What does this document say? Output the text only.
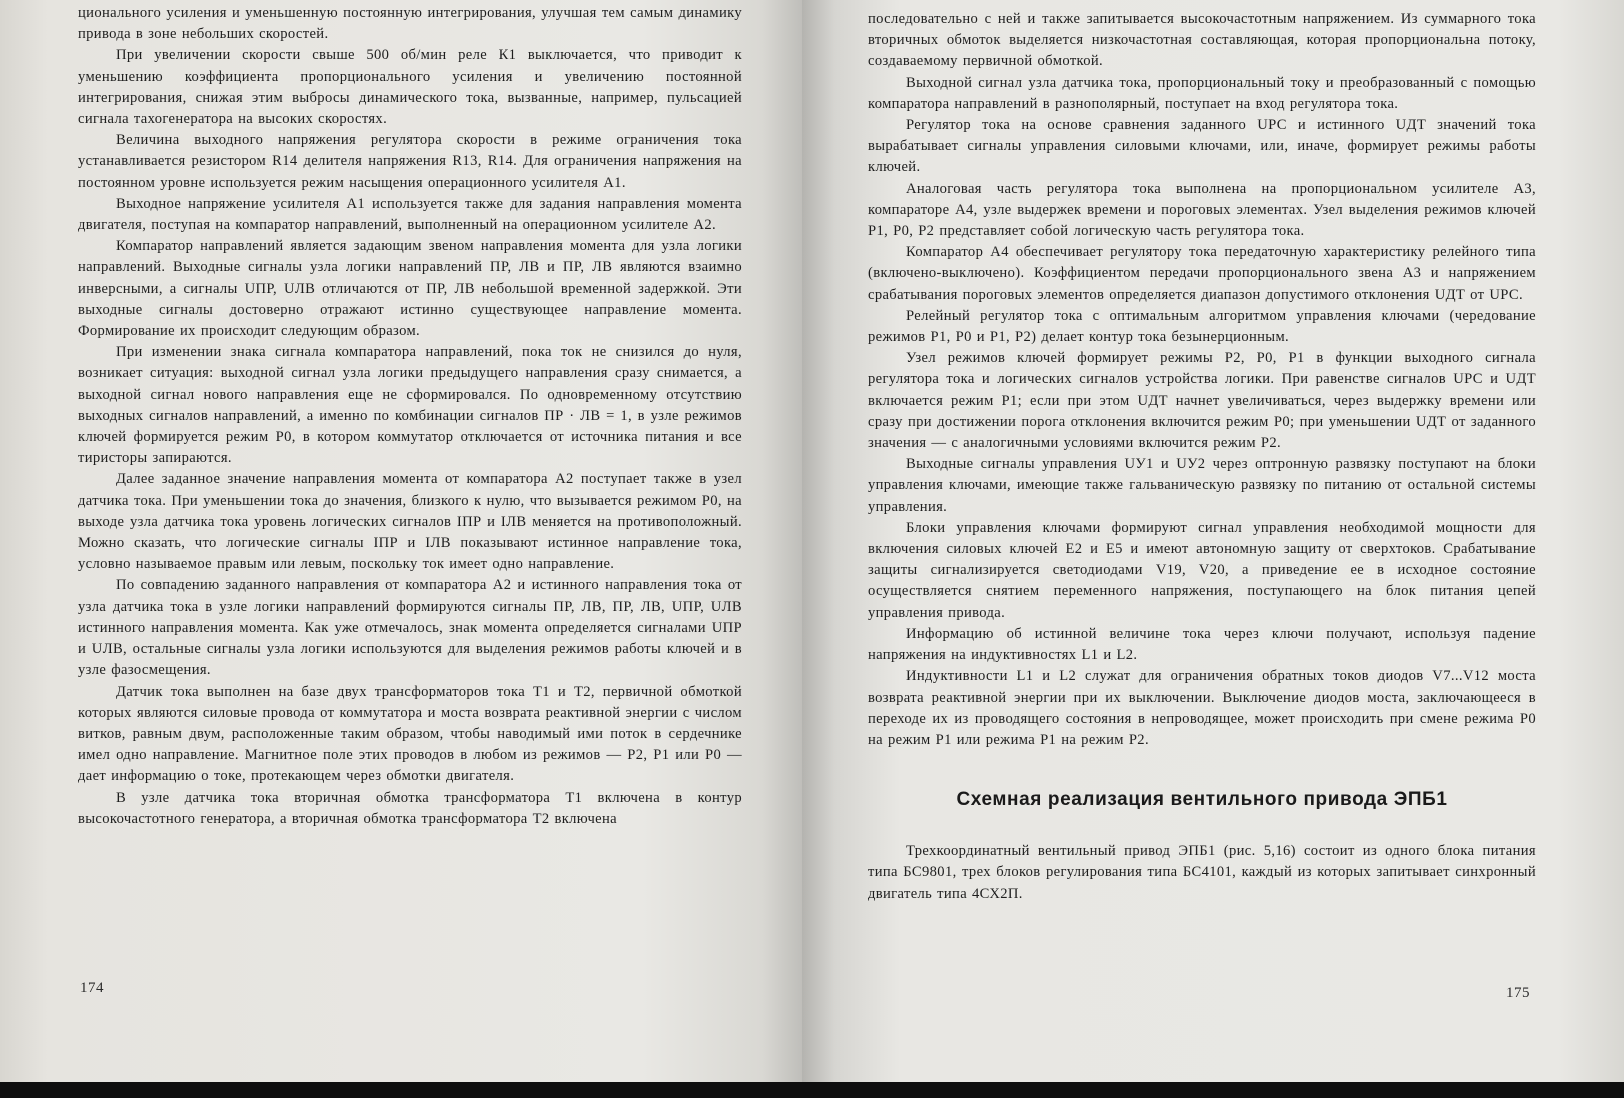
ционального усиления и уменьшенную постоянную интегрирования, улучшая тем самым динамику привода в зоне небольших скоростей.

При увеличении скорости свыше 500 об/мин реле К1 выключается, что приводит к уменьшению коэффициента пропорционального усиления и увеличению постоянной интегрирования, снижая этим выбросы динамического тока, вызванные, например, пульсацией сигнала тахогенератора на высоких скоростях.

Величина выходного напряжения регулятора скорости в режиме ограничения тока устанавливается резистором R14 делителя напряжения R13, R14. Для ограничения напряжения на постоянном уровне используется режим насыщения операционного усилителя А1.

Выходное напряжение усилителя А1 используется также для задания направления момента двигателя, поступая на компаратор направлений, выполненный на операционном усилителе А2.

Компаратор направлений является задающим звеном направления момента для узла логики направлений. Выходные сигналы узла логики направлений ПР, ЛВ и ПР, ЛВ являются взаимно инверсными, а сигналы UПР, UЛВ отличаются от ПР, ЛВ небольшой временной задержкой. Эти выходные сигналы достоверно отражают истинно существующее направление момента. Формирование их происходит следующим образом.

При изменении знака сигнала компаратора направлений, пока ток не снизился до нуля, возникает ситуация: выходной сигнал узла логики предыдущего направления сразу снимается, а выходной сигнал нового направления еще не сформировался. По одновременному отсутствию выходных сигналов направлений, а именно по комбинации сигналов ПР · ЛВ = 1, в узле режимов ключей формируется режим Р0, в котором коммутатор отключается от источника питания и все тиристоры запираются.

Далее заданное значение направления момента от компаратора А2 поступает также в узел датчика тока. При уменьшении тока до значения, близкого к нулю, что вызывается режимом Р0, на выходе узла датчика тока уровень логических сигналов IПР и IЛВ меняется на противоположный. Можно сказать, что логические сигналы IПР и IЛВ показывают истинное направление тока, условно называемое правым или левым, поскольку ток имеет одно направление.

По совпадению заданного направления от компаратора А2 и истинного направления тока от узла датчика тока в узле логики направлений формируются сигналы ПР, ЛВ, ПР, ЛВ, UПР, UЛВ истинного направления момента. Как уже отмечалось, знак момента определяется сигналами UПР и UЛВ, остальные сигналы узла логики используются для выделения режимов работы ключей и в узле фазосмещения.

Датчик тока выполнен на базе двух трансформаторов тока Т1 и Т2, первичной обмоткой которых являются силовые провода от коммутатора и моста возврата реактивной энергии с числом витков, равным двум, расположенные таким образом, чтобы наводимый ими поток в сердечнике имел одно направление. Магнитное поле этих проводов в любом из режимов — Р2, Р1 или Р0 — дает информацию о токе, протекающем через обмотки двигателя.

В узле датчика тока вторичная обмотка трансформатора Т1 включена в контур высокочастотного генератора, а вторичная обмотка трансформатора Т2 включена

174

последовательно с ней и также запитывается высокочастотным напряжением. Из суммарного тока вторичных обмоток выделяется низкочастотная составляющая, которая пропорциональна потоку, создаваемому первичной обмоткой.

Выходной сигнал узла датчика тока, пропорциональный току и преобразованный с помощью компаратора направлений в разнополярный, поступает на вход регулятора тока.

Регулятор тока на основе сравнения заданного UРС и истинного UДТ значений тока вырабатывает сигналы управления силовыми ключами, или, иначе, формирует режимы работы ключей.

Аналоговая часть регулятора тока выполнена на пропорциональном усилителе А3, компараторе А4, узле выдержек времени и пороговых элементах. Узел выделения режимов ключей Р1, Р0, Р2 представляет собой логическую часть регулятора тока.

Компаратор А4 обеспечивает регулятору тока передаточную характеристику релейного типа (включено-выключено). Коэффициентом передачи пропорционального звена А3 и напряжением срабатывания пороговых элементов определяется диапазон допустимого отклонения UДТ от UРС.

Релейный регулятор тока с оптимальным алгоритмом управления ключами (чередование режимов Р1, Р0 и Р1, Р2) делает контур тока безынерционным.

Узел режимов ключей формирует режимы Р2, Р0, Р1 в функции выходного сигнала регулятора тока и логических сигналов устройства логики. При равенстве сигналов UРС и UДТ включается режим Р1; если при этом UДТ начнет увеличиваться, через выдержку времени или сразу при достижении порога отклонения включится режим Р0; при уменьшении UДТ от заданного значения — с аналогичными условиями включится режим Р2.

Выходные сигналы управления UУ1 и UУ2 через оптронную развязку поступают на блоки управления ключами, имеющие также гальваническую развязку по питанию от остальной системы управления.

Блоки управления ключами формируют сигнал управления необходимой мощности для включения силовых ключей Е2 и Е5 и имеют автономную защиту от сверхтоков. Срабатывание защиты сигнализируется светодиодами V19, V20, а приведение ее в исходное состояние осуществляется снятием переменного напряжения, поступающего на блок питания цепей управления привода.

Информацию об истинной величине тока через ключи получают, используя падение напряжения на индуктивностях L1 и L2.

Индуктивности L1 и L2 служат для ограничения обратных токов диодов V7...V12 моста возврата реактивной энергии при их выключении. Выключение диодов моста, заключающееся в переходе их из проводящего состояния в непроводящее, может происходить при смене режима Р0 на режим Р1 или режима Р1 на режим Р2.

Схемная реализация вентильного привода ЭПБ1

Трехкоординатный вентильный привод ЭПБ1 (рис. 5,16) состоит из одного блока питания типа БС9801, трех блоков регулирования типа БС4101, каждый из которых запитывает синхронный двигатель типа 4СХ2П.

175
